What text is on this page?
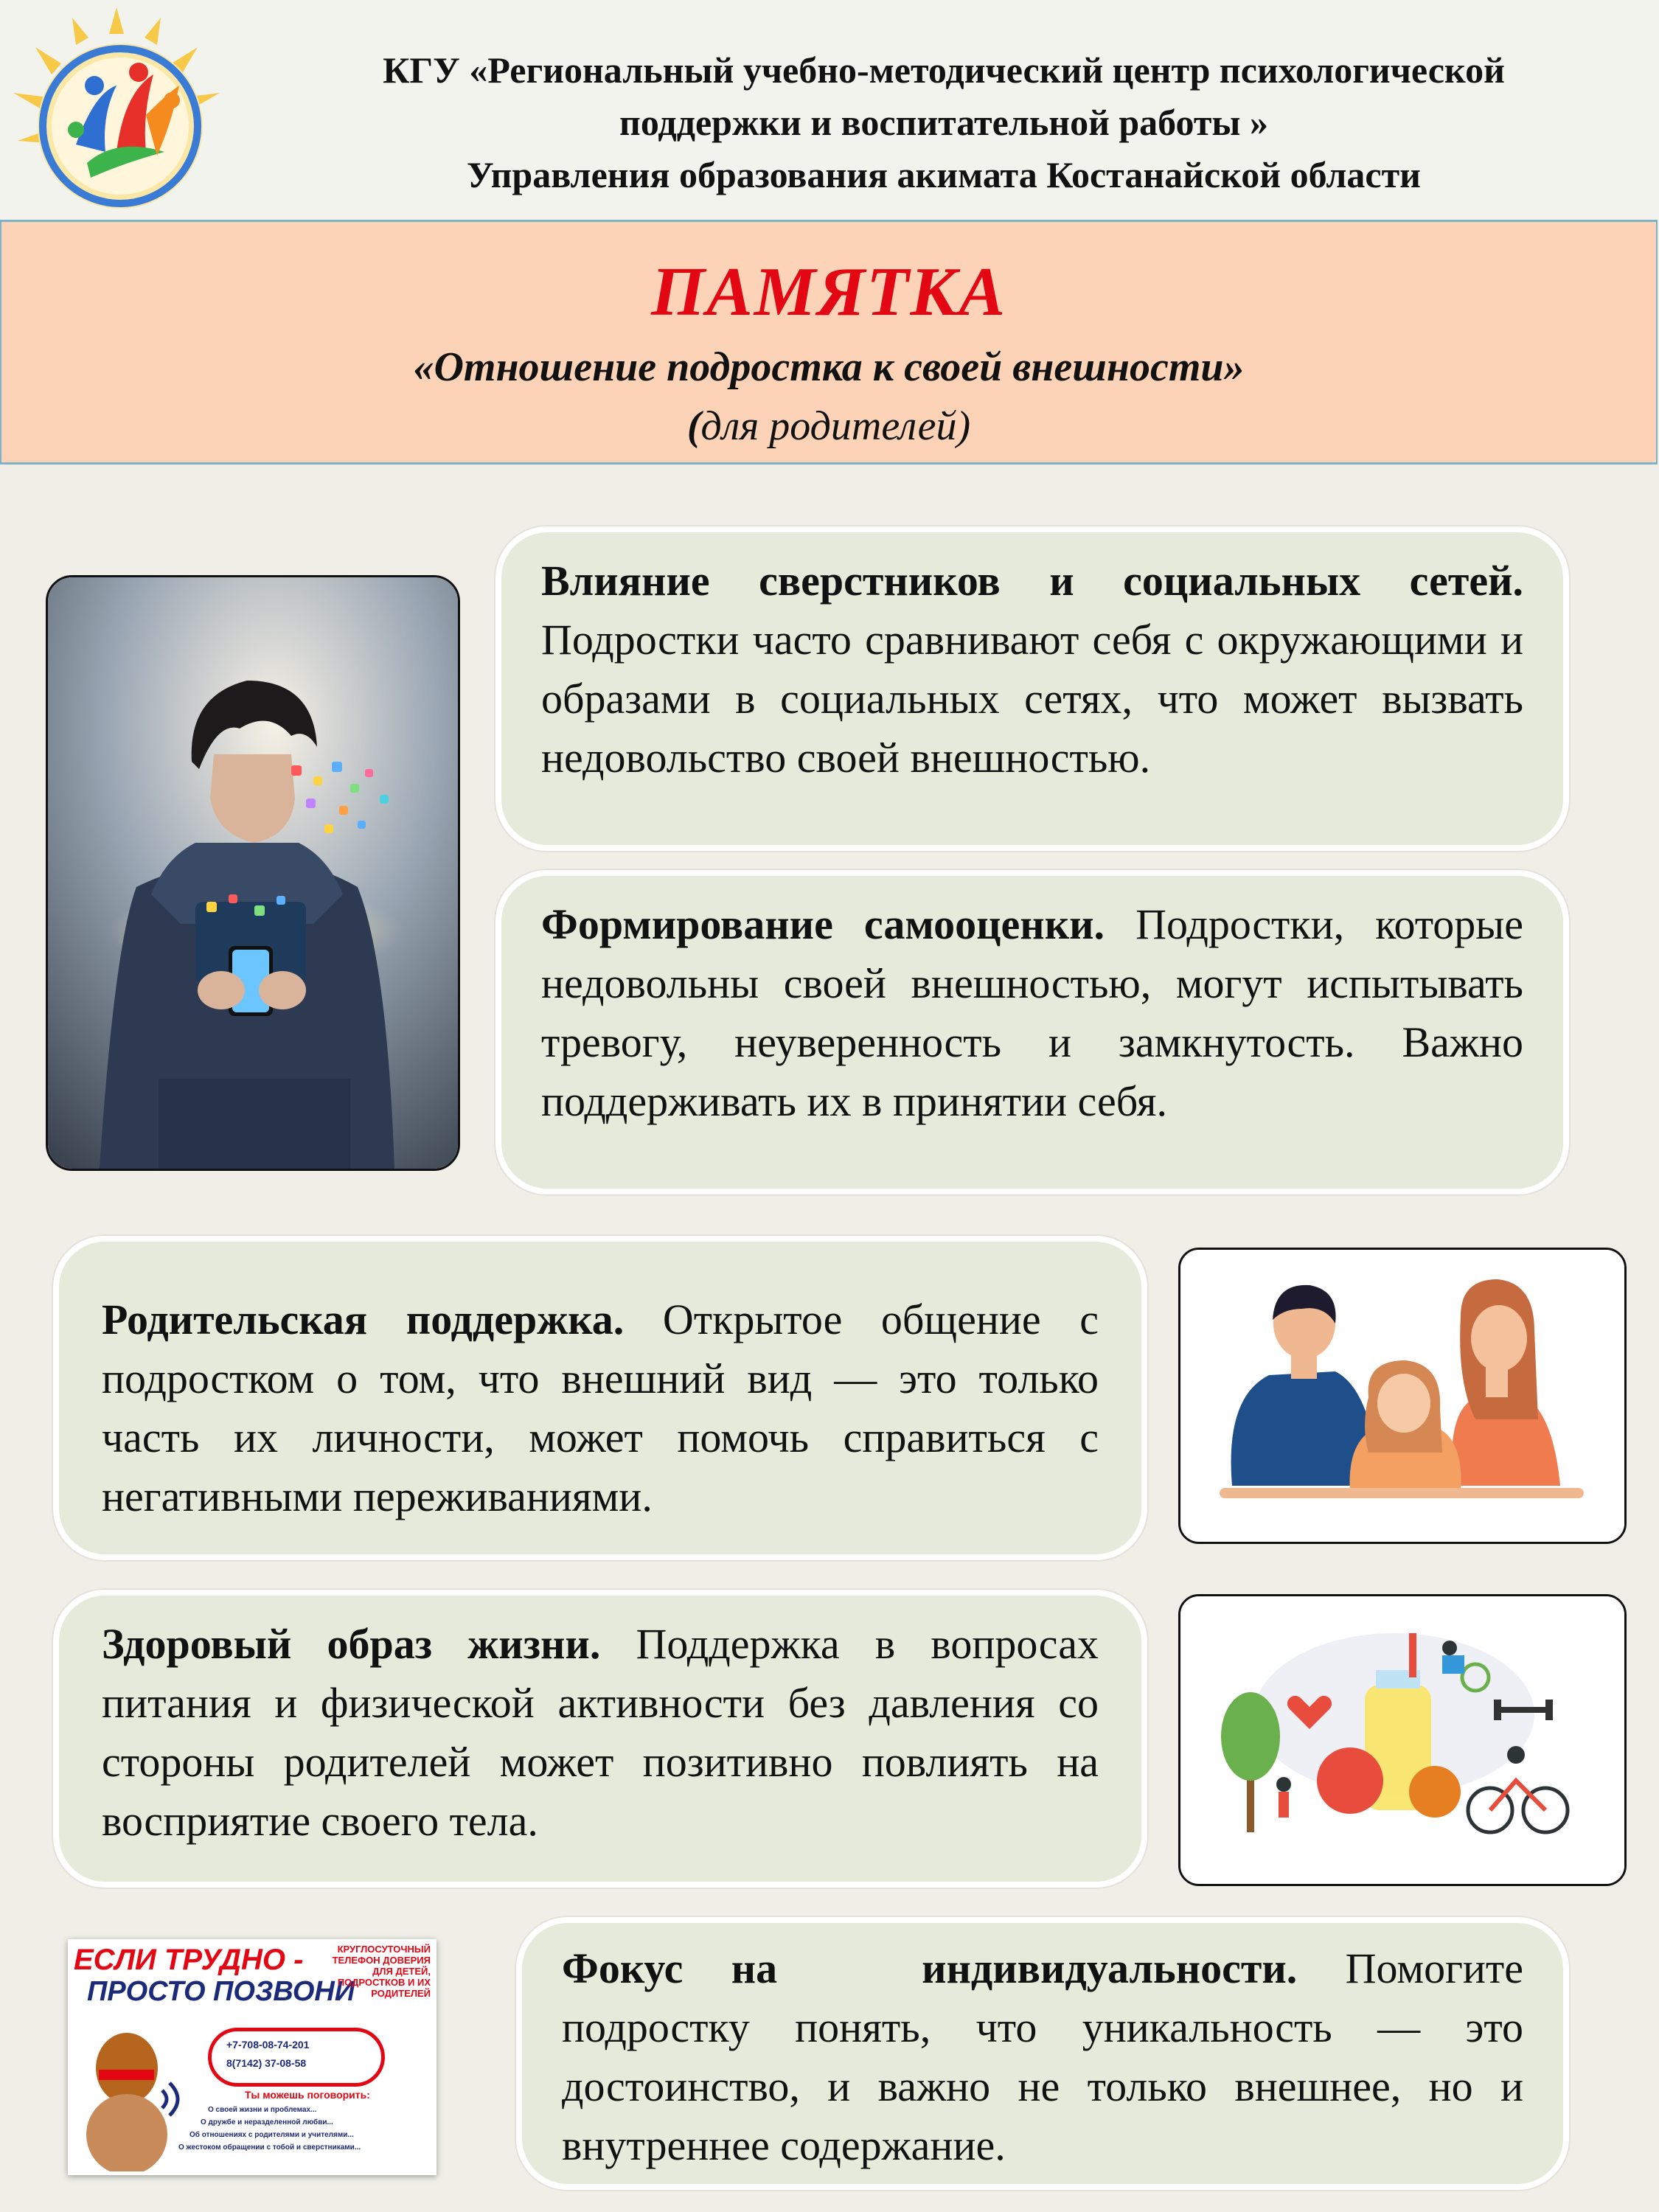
КГУ «Региональный учебно-методический центр психологической
поддержки и воспитательной работы »
Управления образования акимата Костанайской области
ПАМЯТКА
«Отношение подростка к своей внешности»
(для родителей)

Влияние сверстников и социальных сетей. Подростки часто сравнивают себя с окружающими и образами в социальных сетях, что может вызвать недовольство своей внешностью.

Формирование самооценки. Подростки, которые недовольны своей внешностью, могут испытывать тревогу, неуверенность и замкнутость. Важно поддерживать их в принятии себя.

Родительская поддержка. Открытое общение с подростком о том, что внешний вид — это только часть их личности, может помочь справиться с негативными переживаниями.

Здоровый образ жизни. Поддержка в вопросах питания и физической активности без давления со стороны родителей может позитивно повлиять на восприятие своего тела.

ЕСЛИ ТРУДНО -
ПРОСТО ПОЗВОНИ
КРУГЛОСУТОЧНЫЙ ТЕЛЕФОН ДОВЕРИЯ ДЛЯ ДЕТЕЙ, ПОДРОСТКОВ И ИХ РОДИТЕЛЕЙ
+7-708-08-74-201
8(7142) 37-08-58
Ты можешь поговорить:
О своей жизни и проблемах...
О дружбе и неразделенной любви...
Об отношениях с родителями и учителями...
О жестоком обращении с тобой и сверстниками...

Фокус на   индивидуальности. Помогите подростку понять, что уникальность — это достоинство, и важно не только внешнее, но и внутреннее содержание.
